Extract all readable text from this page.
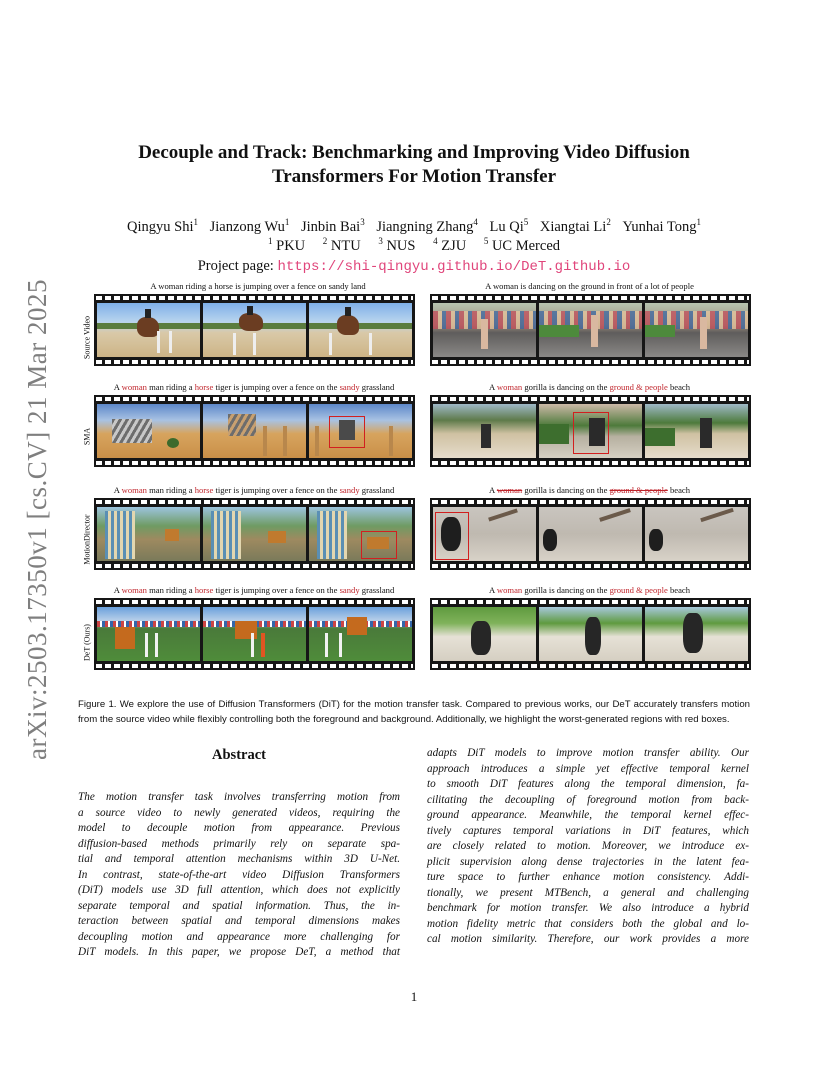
arXiv:2503.17350v1 [cs.CV] 21 Mar 2025
Decouple and Track: Benchmarking and Improving Video Diffusion
Transformers For Motion Transfer
Qingyu Shi$^1$ Jianzong Wu$^1$ Jinbin Bai$^3$ Jiangning Zhang$^4$ Lu Qi$^5$ Xiangtai Li$^2$ Yunhai Tong$^1$
$^1$ PKU $^2$ NTU $^3$ NUS $^4$ ZJU $^5$ UC Merced
Project page: https://shi-qingyu.github.io/DeT.github.io
A woman riding a horse is jumping over a fence on sandy land	A woman is dancing on the ground in front of a lot of people
A woman man riding a horse tiger is jumping over a fence on the sandy grassland	A woman gorilla is dancing on the ground & people beach
A woman man riding a horse tiger is jumping over a fence on the sandy grassland	A woman gorilla is dancing on the ground & people beach
A woman man riding a horse tiger is jumping over a fence on the sandy grassland	A woman gorilla is dancing on the ground & people beach
Source Video
SMA
MotionDirector
DeT (Ours)
Figure 1. We explore the use of Diffusion Transformers (DiT) for the motion transfer task. Compared to previous works, our DeT accurately transfers motion from the source video while flexibly controlling both the foreground and background. Additionally, we highlight the worst-generated regions with red boxes.
Abstract
The motion transfer task involves transferring motion from
a source video to newly generated videos, requiring the
model to decouple motion from appearance. Previous
diffusion-based methods primarily rely on separate spa-
tial and temporal attention mechanisms within 3D U-Net.
In contrast, state-of-the-art video Diffusion Transformers
(DiT) models use 3D full attention, which does not explicitly
separate temporal and spatial information. Thus, the in-
teraction between spatial and temporal dimensions makes
decoupling motion and appearance more challenging for
DiT models. In this paper, we propose DeT, a method that
adapts DiT models to improve motion transfer ability. Our
approach introduces a simple yet effective temporal kernel
to smooth DiT features along the temporal dimension, fa-
cilitating the decoupling of foreground motion from back-
ground appearance. Meanwhile, the temporal kernel effec-
tively captures temporal variations in DiT features, which
are closely related to motion. Moreover, we introduce ex-
plicit supervision along dense trajectories in the latent fea-
ture space to further enhance motion consistency. Addi-
tionally, we present MTBench, a general and challenging
benchmark for motion transfer. We also introduce a hybrid
motion fidelity metric that considers both the global and lo-
cal motion similarity. Therefore, our work provides a more
1
